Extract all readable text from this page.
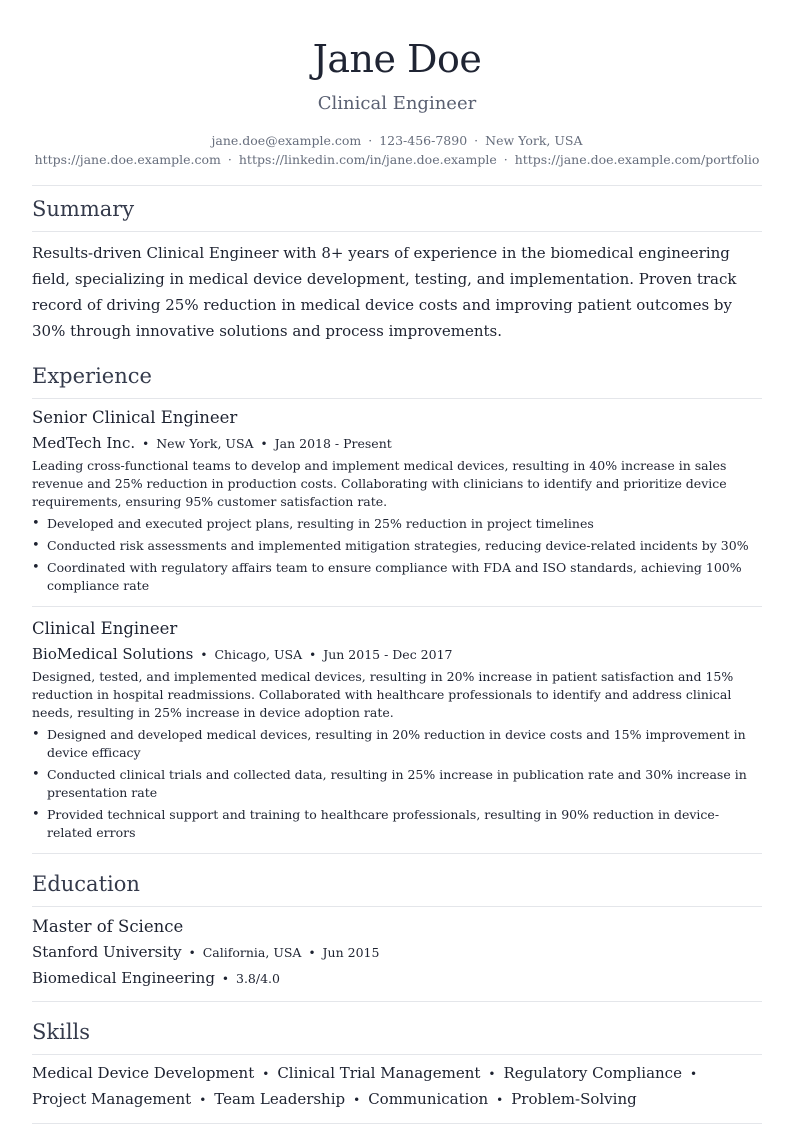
Jane Doe
Clinical Engineer
jane.doe@example.com · 123-456-7890 · New York, USA
https://jane.doe.example.com · https://linkedin.com/in/jane.doe.example · https://jane.doe.example.com/portfolio
Summary
Results-driven Clinical Engineer with 8+ years of experience in the biomedical engineering field, specializing in medical device development, testing, and implementation. Proven track record of driving 25% reduction in medical device costs and improving patient outcomes by 30% through innovative solutions and process improvements.
Experience
Senior Clinical Engineer
MedTech Inc. • New York, USA • Jan 2018 - Present
Leading cross-functional teams to develop and implement medical devices, resulting in 40% increase in sales revenue and 25% reduction in production costs. Collaborating with clinicians to identify and prioritize device requirements, ensuring 95% customer satisfaction rate.
• Developed and executed project plans, resulting in 25% reduction in project timelines
• Conducted risk assessments and implemented mitigation strategies, reducing device-related incidents by 30%
• Coordinated with regulatory affairs team to ensure compliance with FDA and ISO standards, achieving 100% compliance rate
Clinical Engineer
BioMedical Solutions • Chicago, USA • Jun 2015 - Dec 2017
Designed, tested, and implemented medical devices, resulting in 20% increase in patient satisfaction and 15% reduction in hospital readmissions. Collaborated with healthcare professionals to identify and address clinical needs, resulting in 25% increase in device adoption rate.
• Designed and developed medical devices, resulting in 20% reduction in device costs and 15% improvement in device efficacy
• Conducted clinical trials and collected data, resulting in 25% increase in publication rate and 30% increase in presentation rate
• Provided technical support and training to healthcare professionals, resulting in 90% reduction in device-related errors
Education
Master of Science
Stanford University • California, USA • Jun 2015
Biomedical Engineering • 3.8/4.0
Skills
Medical Device Development • Clinical Trial Management • Regulatory Compliance •
Project Management • Team Leadership • Communication • Problem-Solving
